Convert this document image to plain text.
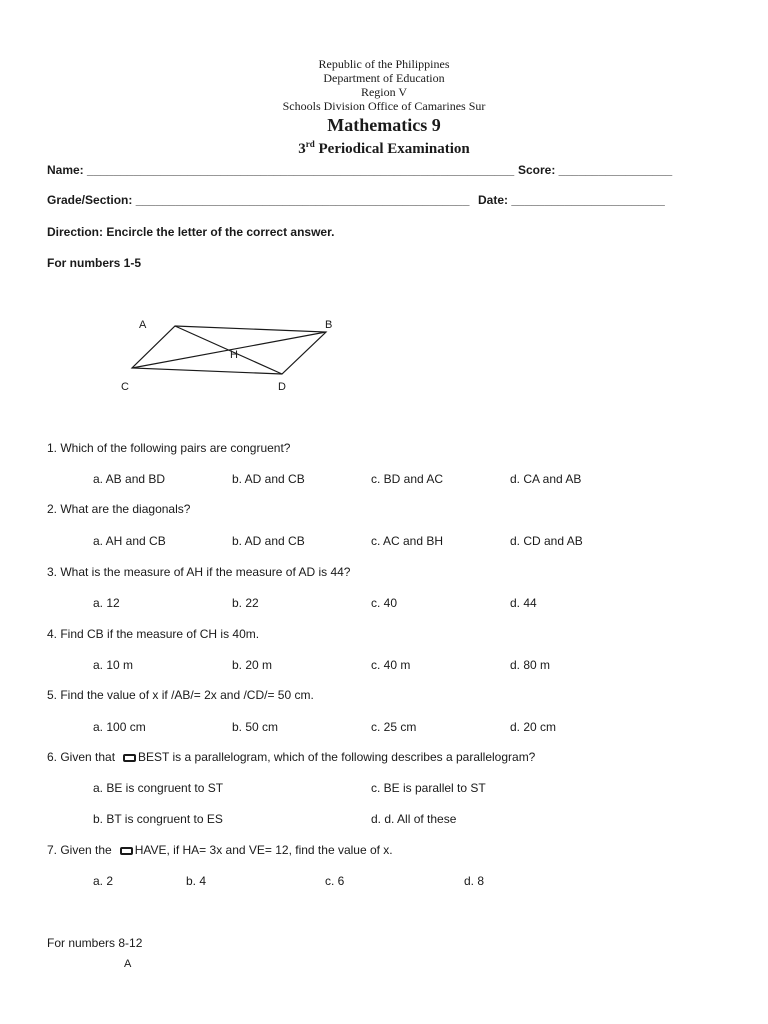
Republic of the Philippines
Department of Education
Region V
Schools Division Office of Camarines Sur
Mathematics 9
3rd Periodical Examination
Name: ________________________________________________________________ Score: _________________
Grade/Section: __________________________________________________ Date: _______________________
Direction: Encircle the letter of the correct answer.
For numbers 1-5
A	B
C	D
H
1. Which of the following pairs are congruent?
a. AB and BD	b. AD and CB	c. BD and AC	d. CA and AB
2. What are the diagonals?
a. AH and CB	b. AD and CB	c. AC and BH	d. CD and AB
3. What is the measure of AH if the measure of AD is 44?
a. 12	b. 22	c. 40	d. 44
4. Find CB if the measure of CH is 40m.
a. 10 m	b. 20 m	c. 40 m	d. 80 m
5. Find the value of x if /AB/= 2x and /CD/= 50 cm.
a. 100 cm	b. 50 cm	c. 25 cm	d. 20 cm
6. Given that BEST is a parallelogram, which of the following describes a parallelogram?
a. BE is congruent to ST	c. BE is parallel to ST
b. BT is congruent to ES	d. d. All of these
7. Given the HAVE, if HA= 3x and VE= 12, find the value of x.
a. 2	b. 4	c. 6	d. 8
For numbers 8-12
A
